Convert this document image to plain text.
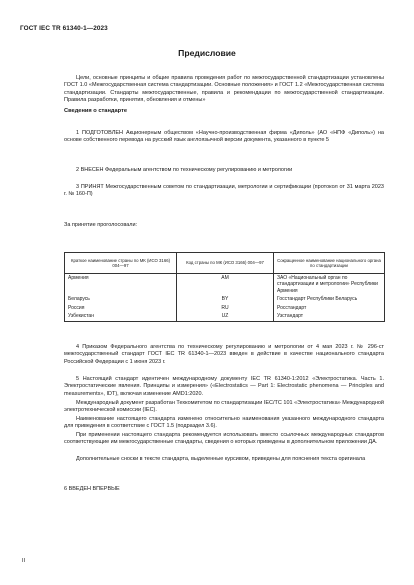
ГОСТ IEC TR 61340-1—2023
Предисловие
Цели, основные принципы и общие правила проведения работ по межгосударственной стандартизации установлены ГОСТ 1.0 «Межгосударственная система стандартизации. Основные положения» и ГОСТ 1.2 «Межгосударственная система стандартизации. Стандарты межгосударственные, правила и рекомендации по межгосударственной стандартизации. Правила разработки, принятия, обновления и отмены»
Сведения о стандарте
1 ПОДГОТОВЛЕН Акционерным обществом «Научно-производственная фирма «Диполь» (АО «НПФ «Диполь») на основе собственного перевода на русский язык англоязычной версии документа, указанного в пункте 5
2 ВНЕСЕН Федеральным агентством по техническому регулированию и метрологии
3 ПРИНЯТ Межгосударственным советом по стандартизации, метрологии и сертификации (протокол от 31 марта 2023 г. № 160-П)
За принятие проголосовали:
Краткое наименование страны по МК (ИСО 3166) 004—97	Код страны по МК (ИСО 3166) 004—97	Сокращенное наименование национального органа по стандартизации
Армения	AM	ЗАО «Национальный орган по стандартизации и метрологии» Республики Армения
Беларусь	BY	Госстандарт Республики Беларусь
Россия	RU	Росстандарт
Узбекистан	UZ	Узстандарт
4 Приказом Федерального агентства по техническому регулированию и метрологии от 4 мая 2023 г. № 296-ст межгосударственный стандарт ГОСТ IEC TR 61340-1—2023 введен в действие в качестве национального стандарта Российской Федерации с 1 июня 2023 г.
5 Настоящий стандарт идентичен международному документу IEC TR 61340-1:2012 «Электростатика. Часть 1. Электростатические явления. Принципы и измерения» («Electrostatics — Part 1: Electrostatic phenomena — Principles and measurements», IDT), включая изменение AMD1:2020.
Международный документ разработан Техкомитетом по стандартизации IEC/TC 101 «Электростатика» Международной электротехнической комиссии (IEC).
Наименование настоящего стандарта изменено относительно наименования указанного международного стандарта для приведения в соответствие с ГОСТ 1.5 (подраздел 3.6).
При применении настоящего стандарта рекомендуется использовать вместо ссылочных международных стандартов соответствующие им межгосударственные стандарты, сведения о которых приведены в дополнительном приложении ДА.
Дополнительные сноски в тексте стандарта, выделенные курсивом, приведены для пояснения текста оригинала
6 ВВЕДЕН ВПЕРВЫЕ
II
